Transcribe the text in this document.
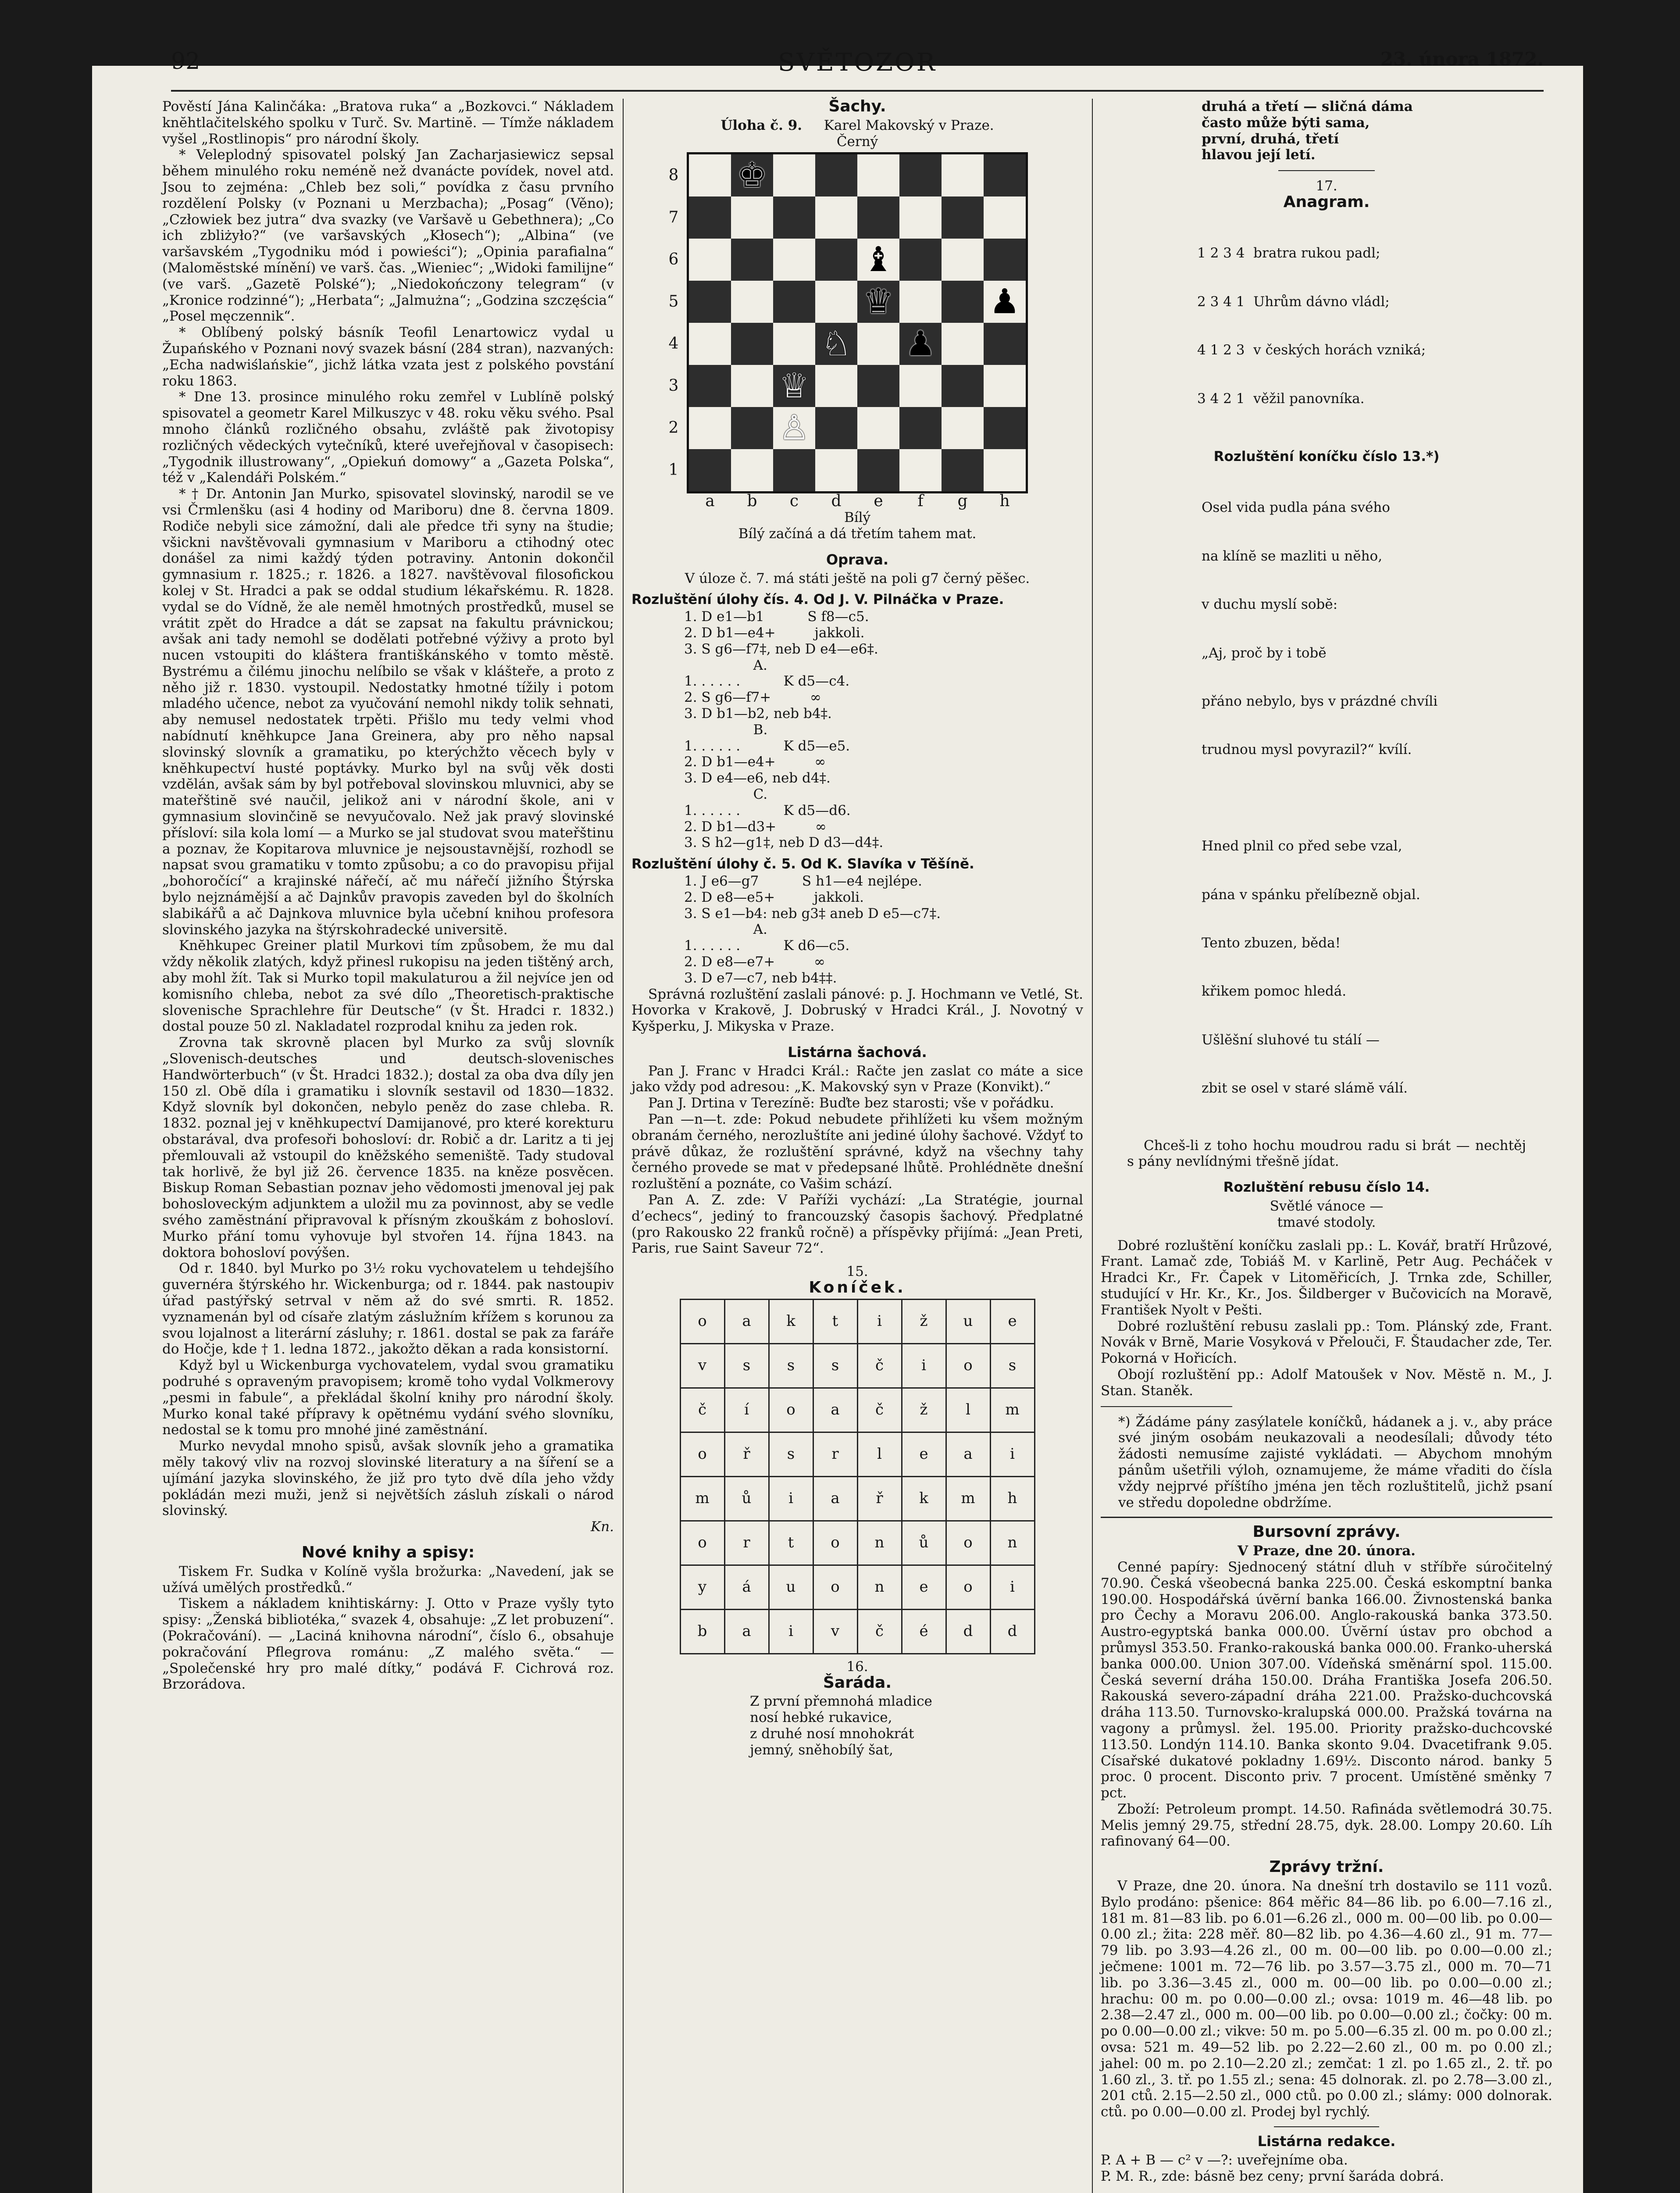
92	SVĚTOZOR	23. února 1872.

Pověstí Jána Kalinčáka: „Bratova ruka“ a „Bozkovci.“ Nákladem knĕhtlačitelského spolku v Turč. Sv. Martinĕ. — Tímže nákladem vyšel „Rostlinopis“ pro národní školy.

* Veleplodný spisovatel polský Jan Zacharjasiewicz sepsal během minulého roku neméně než dvanácte povídek, novel atd. Jsou to zejména: „Chleb bez soli,“ povídka z času prvního rozdělení Polsky (v Poznani u Merzbacha); „Posag“ (Věno); „Człowiek bez jutra“ dva svazky (ve Varšavě u Gebethnera); „Co ich zbliżyło?“ (ve varšavských „Kłosech“); „Albina“ (ve varšavském „Tygodniku mód i powieści“); „Opinia parafialna“ (Malomĕstské mínění) ve varš. čas. „Wieniec“; „Widoki familijne“ (ve varš. „Gazetĕ Polské“); „Niedokończony telegram“ (v „Kronice rodzinné“); „Herbata“; „Jalmużna“; „Godzina szczęścia“ „Posel męczennik“.

* Oblíbený polský básník Teofil Lenartowicz vydal u Župańského v Poznani nový svazek básní (284 stran), nazvaných: „Echa nadwiślańskie“, jichž látka vzata jest z polského povstání roku 1863.

* Dne 13. prosince minulého roku zemřel v Lublínĕ polský spisovatel a geometr Karel Milkuszyc v 48. roku věku svého. Psal mnoho článků rozličného obsahu, zvláště pak životopisy rozličných vědeckých vytečníků, které uveřejňoval v časopisech: „Tygodnik illustrowany“, „Opiekuń domowy“ a „Gazeta Polska“, též v „Kalendáři Polském.“

* † Dr. Antonin Jan Murko, spisovatel slovinský, narodil se ve vsi Črmlenšku (asi 4 hodiny od Mariboru) dne 8. června 1809. Rodiče nebyli sice zámožní, dali ale předce tři syny na študie; všickni navštěvovali gymnasium v Mariboru a ctihodný otec donášel za nimi každý týden potraviny. Antonin dokončil gymnasium r. 1825.; r. 1826. a 1827. navštěvoval filosofickou kolej v St. Hradci a pak se oddal studium lékařskému. R. 1828. vydal se do Vídně, že ale neměl hmotných prostředků, musel se vrátit zpět do Hradce a dát se zapsat na fakultu právnickou; avšak ani tady nemohl se dodělati potřebné výživy a proto byl nucen vstoupiti do kláštera františkánského v tomto městĕ. Bystrému a čilému jinochu nelíbilo se však v klášteře, a proto z něho již r. 1830. vystoupil. Nedostatky hmotné tížily i potom mladého učence, nebot za vyučování nemohl nikdy tolik sehnati, aby nemusel nedostatek trpěti. Přišlo mu tedy velmi vhod nabídnutí knĕhkupce Jana Greinera, aby pro něho napsal slovinský slovník a gramatiku, po kterýchžto věcech byly v knĕhkupectví husté poptávky. Murko byl na svůj věk dosti vzdĕlán, avšak sám by byl potřeboval slovinskou mluvnici, aby se mateřštinĕ své naučil, jelikož ani v národní škole, ani v gymnasium slovinčinĕ se nevyučovalo. Než jak pravý slovinské přísloví: sila kola lomí — a Murko se jal studovat svou mateřštinu a poznav, že Kopitarova mluvnice je nejsoustavnější, rozhodl se napsat svou gramatiku v tomto způsobu; a co do pravopisu přijal „bohoročící“ a krajinské nářečí, ač mu nářečí jižního Štýrska bylo nejznámější a ač Dajnkův pravopis zaveden byl do školních slabikářů a ač Dajnkova mluvnice byla učební knihou profesora slovinského jazyka na štýrskohradecké universitĕ.

Knĕhkupec Greiner platil Murkovi tím způsobem, že mu dal vždy několik zlatých, když přinesl rukopisu na jeden tištěný arch, aby mohl žít. Tak si Murko topil makulaturou a žil nejvíce jen od komisního chleba, nebot za své dílo „Theoretisch-praktische slovenische Sprachlehre für Deutsche“ (v Št. Hradci r. 1832.) dostal pouze 50 zl. Nakladatel rozprodal knihu za jeden rok.

Zrovna tak skrovně placen byl Murko za svůj slovník „Slovenisch-deutsches und deutsch-slovenisches Handwörterbuch“ (v Št. Hradci 1832.); dostal za oba dva díly jen 150 zl. Obĕ díla i gramatiku i slovník sestavil od 1830—1832. Když slovník byl dokončen, nebylo peněz do zase chleba. R. 1832. poznal jej v knĕhkupectví Damijanové, pro které korekturu obstarával, dva profesoři bohosloví: dr. Robič a dr. Laritz a ti jej přemlouvali až vstoupil do knĕžského semeništĕ. Tady studoval tak horlivĕ, že byl již 26. července 1835. na kněze posvěcen. Biskup Roman Sebastian poznav jeho vĕdomosti jmenoval jej pak bohosloveckým adjunktem a uložil mu za povinnost, aby se vedle svého zamĕstnání připravoval k přísným zkouškám z bohosloví. Murko přání tomu vyhovuje byl stvořen 14. října 1843. na doktora bohosloví povýšen.

Od r. 1840. byl Murko po 3½ roku vychovatelem u tehdejšího guvernéra štýrského hr. Wickenburga; od r. 1844. pak nastoupiv úřad pastýřský setrval v nĕm až do své smrti. R. 1852. vyznamenán byl od císaře zlatým záslužním křížem s korunou za svou lojalnost a literární zásluhy; r. 1861. dostal se pak za faráře do Hočje, kde † 1. ledna 1872., jakožto dĕkan a rada konsistorní.

Když byl u Wickenburga vychovatelem, vydal svou gramatiku podruhé s opraveným pravopisem; kromĕ toho vydal Volkmerovy „pesmi in fabule“, a překládal školní knihy pro národní školy. Murko konal také přípravy k opĕtnému vydání svého slovníku, nedostal se k tomu pro mnohé jiné zamĕstnání.

Murko nevydal mnoho spisů, avšak slovník jeho a gramatika mĕly takový vliv na rozvoj slovinské literatury a na šíření se a ujímání jazyka slovinského, že již pro tyto dvĕ díla jeho vždy pokládán mezi muži, jenž si největších zásluh získali o národ slovinský.

Kn.

Nové knihy a spisy:

Tiskem Fr. Sudka v Kolínĕ vyšla brožurka: „Navedení, jak se užívá umĕlých prostředků.“

Tiskem a nákladem knihtiskárny: J. Otto v Praze vyšly tyto spisy: „Ženská bibliotéka,“ svazek 4, obsahuje: „Z let probuzení“. (Pokračování). — „Laciná knihovna národní“, číslo 6., obsahuje pokračování Pflegrova románu: „Z malého svĕta.“ — „Společenské hry pro malé dítky,“ podává F. Cichrová roz. Brzorádova.

Šachy.

Úloha č. 9. Karel Makovský v Praze.

Černý

8
7
6
5
4
3
2
1
♚
♝
♛	♟
♘ ♟
♕
♙
a	b	c	d	e	f	g	h

Bílý

Bílý začíná a dá třetím tahem mat.

Oprava.

V úloze č. 7. má státi ještĕ na poli g7 černý pĕšec.

Rozluštĕní úlohy čís. 4. Od J. V. Pilnáčka v Praze.
1. D e1—b1          S f8—c5.
2. D b1—e4+         jakkoli.
3. S g6—f7‡, neb D e4—e6‡.
A.
1. . . . . .          K d5—c4.
2. S g6—f7+         ∞
3. D b1—b2, neb b4‡.
B.
1. . . . . .          K d5—e5.
2. D b1—e4+         ∞
3. D e4—e6, neb d4‡.
C.
1. . . . . .          K d5—d6.
2. D b1—d3+         ∞
3. S h2—g1‡, neb D d3—d4‡.
Rozluštĕní úlohy č. 5. Od K. Slavíka v Těšínĕ.
1. J e6—g7          S h1—e4 nejlépe.
2. D e8—e5+         jakkoli.
3. S e1—b4: neb g3‡ aneb D e5—c7‡.
A.
1. . . . . .          K d6—c5.
2. D e8—e7+         ∞
3. D e7—c7, neb b4‡‡.

Správná rozluštĕní zaslali pánové: p. J. Hochmann ve Vetlé, St. Hovorka v Krakovĕ, J. Dobruský v Hradci Král., J. Novotný v Kyšperku, J. Mikyska v Praze.

Listárna šachová.

Pan J. Franc v Hradci Král.: Račte jen zaslat co máte a sice jako vždy pod adresou: „K. Makovský syn v Praze (Konvikt).“

Pan J. Drtina v Terezínĕ: Buďte bez starosti; vše v pořádku.

Pan —n—t. zde: Pokud nebudete přihlížeti ku všem možným obranám černého, nerozluštíte ani jediné úlohy šachové. Vždyť to právĕ důkaz, že rozluštĕní správné, když na všechny tahy černého provede se mat v předepsané lhůtĕ. Prohlédnĕte dnešní rozluštĕní a poznáte, co Vašim schází.

Pan A. Z. zde: V Paříži vychází: „La Stratégie, journal d’echecs“, jediný to francouzský časopis šachový. Předplatné (pro Rakousko 22 franků ročnĕ) a příspĕvky přijímá: „Jean Preti, Paris, rue Saint Saveur 72“.

15.

Koníček.
o	a	k	t	i	ž	u	e
v	s	s	s	č	i	o	s
č	í	o	a	č	ž	l	m
o	ř	s	r	l	e	a	i
m	ů	i	a	ř	k	m	h
o	r	t	o	n	ů	o	n
y	á	u	o	n	e	o	i
b	a	i	v	č	é	d	d

16.

Šaráda.
Z první přemnohá mladice
nosí hebké rukavice,
z druhé nosí mnohokrát
jemný, sněhobílý šat,
druhá a třetí — sličná dáma
často může býti sama,
první, druhá, třetí
hlavou její letí.

17.

Anagram.

1 2 3 4  bratra rukou padl;

2 3 4 1  Uhrům dávno vládl;

4 1 2 3  v českých horách vzniká;

3 4 2 1  věžil panovníka.

Rozluštĕní koníčku číslo 13.*)

Osel vida pudla pána svého

na klínĕ se mazliti u nĕho,

v duchu myslí sobĕ:

„Aj, proč by i tobĕ

přáno nebylo, bys v prázdné chvíli

trudnou mysl povyrazil?“ kvílí.

Hned plnil co před sebe vzal,

pána v spánku přelíbezně objal.

Tento zbuzen, běda!

křikem pomoc hledá.

Ušlĕšní sluhové tu stálí —

zbit se osel v staré slámĕ válí.

Chceš-li z toho hochu moudrou radu si brát — nechtěj s pány nevlídnými třešnĕ jídat.

Rozluštĕní rebusu číslo 14.

Světlé vánoce —

tmavé stodoly.

Dobré rozluštĕní koníčku zaslali pp.: L. Kovář, bratří Hrůzové, Frant. Lamač zde, Tobiáš M. v Karlinĕ, Petr Aug. Pecháček v Hradci Kr., Fr. Čapek v Litomĕřicích, J. Trnka zde, Schiller, studující v Hr. Kr., Kr., Jos. Šildberger v Bučovicích na Moravĕ, František Nyolt v Pešti.

Dobré rozluštĕní rebusu zaslali pp.: Tom. Plánský zde, Frant. Novák v Brnĕ, Marie Vosyková v Přelouči, F. Štaudacher zde, Ter. Pokorná v Hořicích.

Obojí rozluštĕní pp.: Adolf Matoušek v Nov. Mĕstĕ n. M., J. Stan. Staněk.

*) Žádáme pány zasýlatele koníčků, hádanek a j. v., aby práce své jiným osobám neukazovali a neodesílali; důvody této žádosti nemusíme zajisté vykládati. — Abychom mnohým pánům ušetřili výloh, oznamujeme, že máme vřaditi do čísla vždy nejprvé příštího jména jen těch rozluštitelů, jichž psaní ve středu dopoledne obdržíme.

Bursovní zprávy.

V Praze, dne 20. února.

Cenné papíry: Sjednocený státní dluh v stříbře súročitelný 70.90. Česká všeobecná banka 225.00. Česká eskomptní banka 190.00. Hospodářská úvĕrní banka 166.00. Živnostenská banka pro Čechy a Moravu 206.00. Anglo-rakouská banka 373.50. Austro-egyptská banka 000.00. Úvĕrní ústav pro obchod a průmysl 353.50. Franko-rakouská banka 000.00. Franko-uherská banka 000.00. Union 307.00. Vídeňská směnární spol. 115.00. Česká severní dráha 150.00. Dráha Františka Josefa 206.50. Rakouská severo-západní dráha 221.00. Pražsko-duchcovská dráha 113.50. Turnovsko-kralupská 000.00. Pražská továrna na vagony a průmysl. žel. 195.00. Priority pražsko-duchcovské 113.50. Londýn 114.10. Banka skonto 9.04. Dvacetifrank 9.05. Císařské dukatové pokladny 1.69½. Disconto národ. banky 5 proc. 0 procent. Disconto priv. 7 procent. Umístĕné směnky 7 pct.

Zboží: Petroleum prompt. 14.50. Rafináda světlemodrá 30.75. Melis jemný 29.75, střední 28.75, dyk. 28.00. Lompy 20.60. Líh rafinovaný 64—00.

Zprávy tržní.

V Praze, dne 20. února. Na dnešní trh dostavilo se 111 vozů. Bylo prodáno: pšenice: 864 měřic 84—86 lib. po 6.00—7.16 zl., 181 m. 81—83 lib. po 6.01—6.26 zl., 000 m. 00—00 lib. po 0.00—0.00 zl.; žita: 228 měř. 80—82 lib. po 4.36—4.60 zl., 91 m. 77—79 lib. po 3.93—4.26 zl., 00 m. 00—00 lib. po 0.00—0.00 zl.; ječmene: 1001 m. 72—76 lib. po 3.57—3.75 zl., 000 m. 70—71 lib. po 3.36—3.45 zl., 000 m. 00—00 lib. po 0.00—0.00 zl.; hrachu: 00 m. po 0.00—0.00 zl.; ovsa: 1019 m. 46—48 lib. po 2.38—2.47 zl., 000 m. 00—00 lib. po 0.00—0.00 zl.; čočky: 00 m. po 0.00—0.00 zl.; vikve: 50 m. po 5.00—6.35 zl. 00 m. po 0.00 zl.; ovsa: 521 m. 49—52 lib. po 2.22—2.60 zl., 00 m. po 0.00 zl.; jahel: 00 m. po 2.10—2.20 zl.; zemčat: 1 zl. po 1.65 zl., 2. tř. po 1.60 zl., 3. tř. po 1.55 zl.; sena: 45 dolnorak. zl. po 2.78—3.00 zl., 201 ctů. 2.15—2.50 zl., 000 ctů. po 0.00 zl.; slámy: 000 dolnorak. ctů. po 0.00—0.00 zl. Prodej byl rychlý.

Listárna redakce.

P. A + B — c² v —?: uveřejníme oba.

P. M. R., zde: básnĕ bez ceny; první šaráda dobrá.
